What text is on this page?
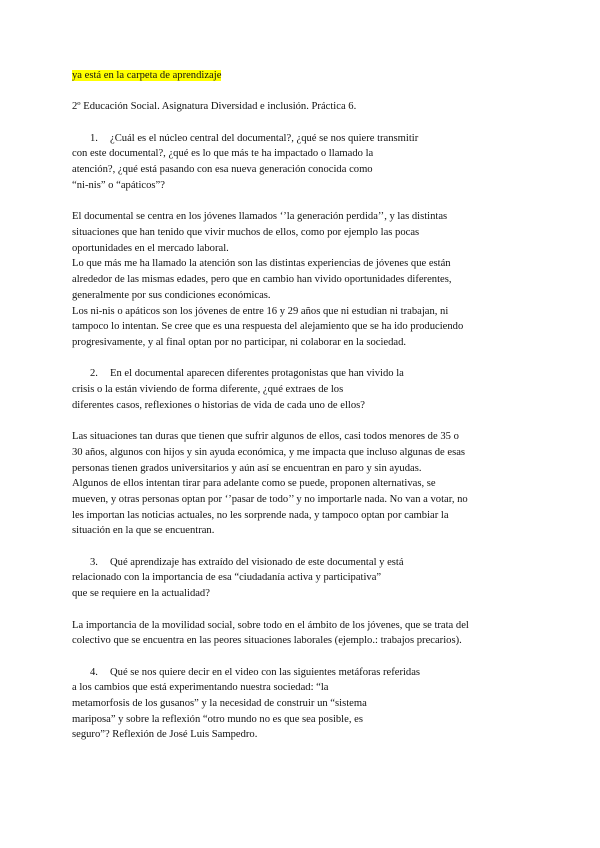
ya está en la carpeta de aprendizaje

2º Educación Social. Asignatura Diversidad e inclusión. Práctica 6.

1. ¿Cuál es el núcleo central del documental?, ¿qué se nos quiere transmitir

con este documental?, ¿qué es lo que más te ha impactado o llamado la

atención?, ¿qué está pasando con esa nueva generación conocida como

“ni-nis” o “apáticos”?

El documental se centra en los jóvenes llamados ‘’la generación perdida’’, y las distintas

situaciones que han tenido que vivir muchos de ellos, como por ejemplo las pocas

oportunidades en el mercado laboral.

Lo que más me ha llamado la atención son las distintas experiencias de jóvenes que están

alrededor de las mismas edades, pero que en cambio han vivido oportunidades diferentes,

generalmente por sus condiciones económicas.

Los ni-nis o apáticos son los jóvenes de entre 16 y 29 años que ni estudian ni trabajan, ni

tampoco lo intentan. Se cree que es una respuesta del alejamiento que se ha ido produciendo

progresivamente, y al final optan por no participar, ni colaborar en la sociedad.

2. En el documental aparecen diferentes protagonistas que han vivido la

crisis o la están viviendo de forma diferente, ¿qué extraes de los

diferentes casos, reflexiones o historias de vida de cada uno de ellos?

Las situaciones tan duras que tienen que sufrir algunos de ellos, casi todos menores de 35 o

30 años, algunos con hijos y sin ayuda económica, y me impacta que incluso algunas de esas

personas tienen grados universitarios y aún así se encuentran en paro y sin ayudas.

Algunos de ellos intentan tirar para adelante como se puede, proponen alternativas, se

mueven, y otras personas optan por ‘’pasar de todo’’ y no importarle nada. No van a votar, no

les importan las noticias actuales, no les sorprende nada, y tampoco optan por cambiar la

situación en la que se encuentran.

3. Qué aprendizaje has extraído del visionado de este documental y está

relacionado con la importancia de esa “ciudadanía activa y participativa”

que se requiere en la actualidad?

La importancia de la movilidad social, sobre todo en el ámbito de los jóvenes, que se trata del

colectivo que se encuentra en las peores situaciones laborales (ejemplo.: trabajos precarios).

4. Qué se nos quiere decir en el video con las siguientes metáforas referidas

a los cambios que está experimentando nuestra sociedad: “la

metamorfosis de los gusanos” y la necesidad de construir un “sistema

mariposa” y sobre la reflexión “otro mundo no es que sea posible, es

seguro”? Reflexión de José Luis Sampedro.
